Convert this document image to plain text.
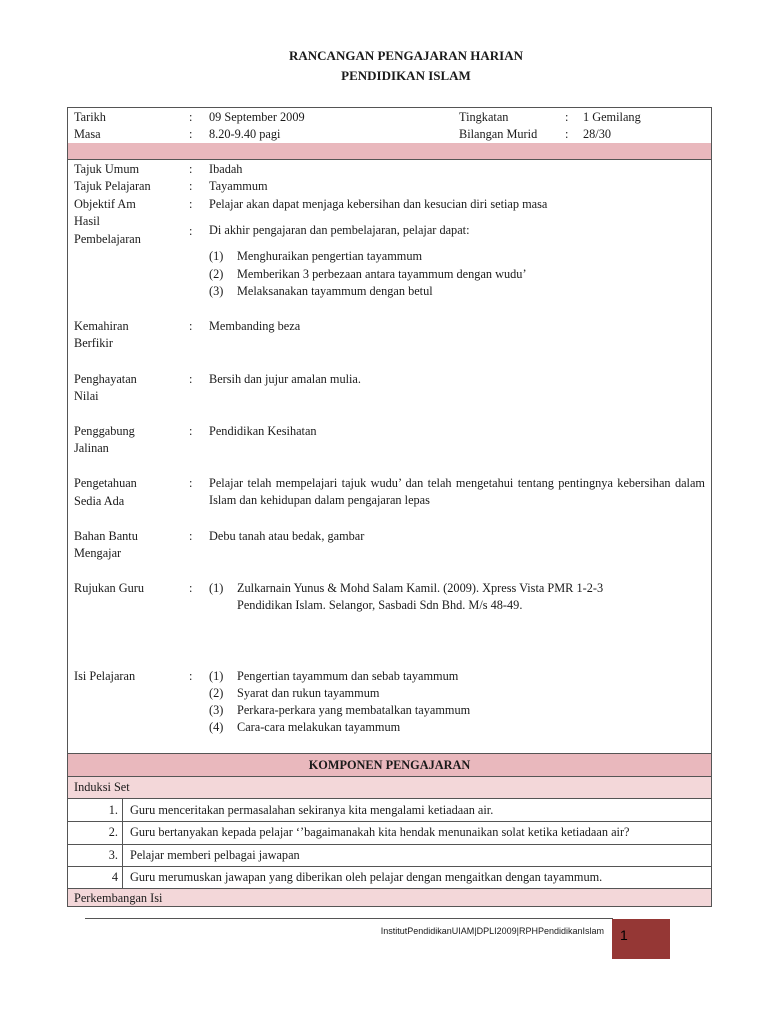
RANCANGAN PENGAJARAN HARIAN
PENDIDIKAN ISLAM
Tarikh	: 09 September 2009	Tingkatan	: 1 Gemilang
Masa	: 8.20-9.40 pagi	Bilangan Murid : 28/30
Tajuk Umum	: Ibadah
Tajuk Pelajaran	: Tayammum
Objektif Am	: Pelajar akan dapat menjaga kebersihan dan kesucian diri setiap masa
Hasil
Pembelajaran
: Di akhir pengajaran dan pembelajaran, pelajar dapat:
(1) Menghuraikan pengertian tayammum
(2) Memberikan 3 perbezaan antara tayammum dengan wudu’
(3) Melaksanakan tayammum dengan betul
Kemahiran
Berfikir
: Membanding beza
Penghayatan
Nilai
: Bersih dan jujur amalan mulia.
Penggabung
Jalinan
: Pendidikan Kesihatan
Pengetahuan
Sedia Ada
: Pelajar telah mempelajari tajuk wudu’ dan telah mengetahui tentang pentingnya kebersihan dalam Islam dan kehidupan dalam pengajaran lepas
Bahan Bantu
Mengajar
: Debu tanah atau bedak, gambar
Rujukan Guru	: (1) Zulkarnain Yunus & Mohd Salam Kamil. (2009). Xpress Vista PMR 1-2-3
Pendidikan Islam. Selangor, Sasbadi Sdn Bhd. M/s 48-49.
Isi Pelajaran	: (1) Pengertian tayammum dan sebab tayammum
(2) Syarat dan rukun tayammum
(3) Perkara-perkara yang membatalkan tayammum
(4) Cara-cara melakukan tayammum
KOMPONEN PENGAJARAN
Induksi Set
1. Guru menceritakan permasalahan sekiranya kita mengalami ketiadaan air.
2. Guru bertanyakan kepada pelajar ‘’bagaimanakah kita hendak menunaikan solat ketika ketiadaan air?
3. Pelajar memberi pelbagai jawapan
4 Guru merumuskan jawapan yang diberikan oleh pelajar dengan mengaitkan dengan tayammum.
Perkembangan Isi
InstitutPendidikanUIAM|DPLI2009|RPHPendidikanIslam	1
